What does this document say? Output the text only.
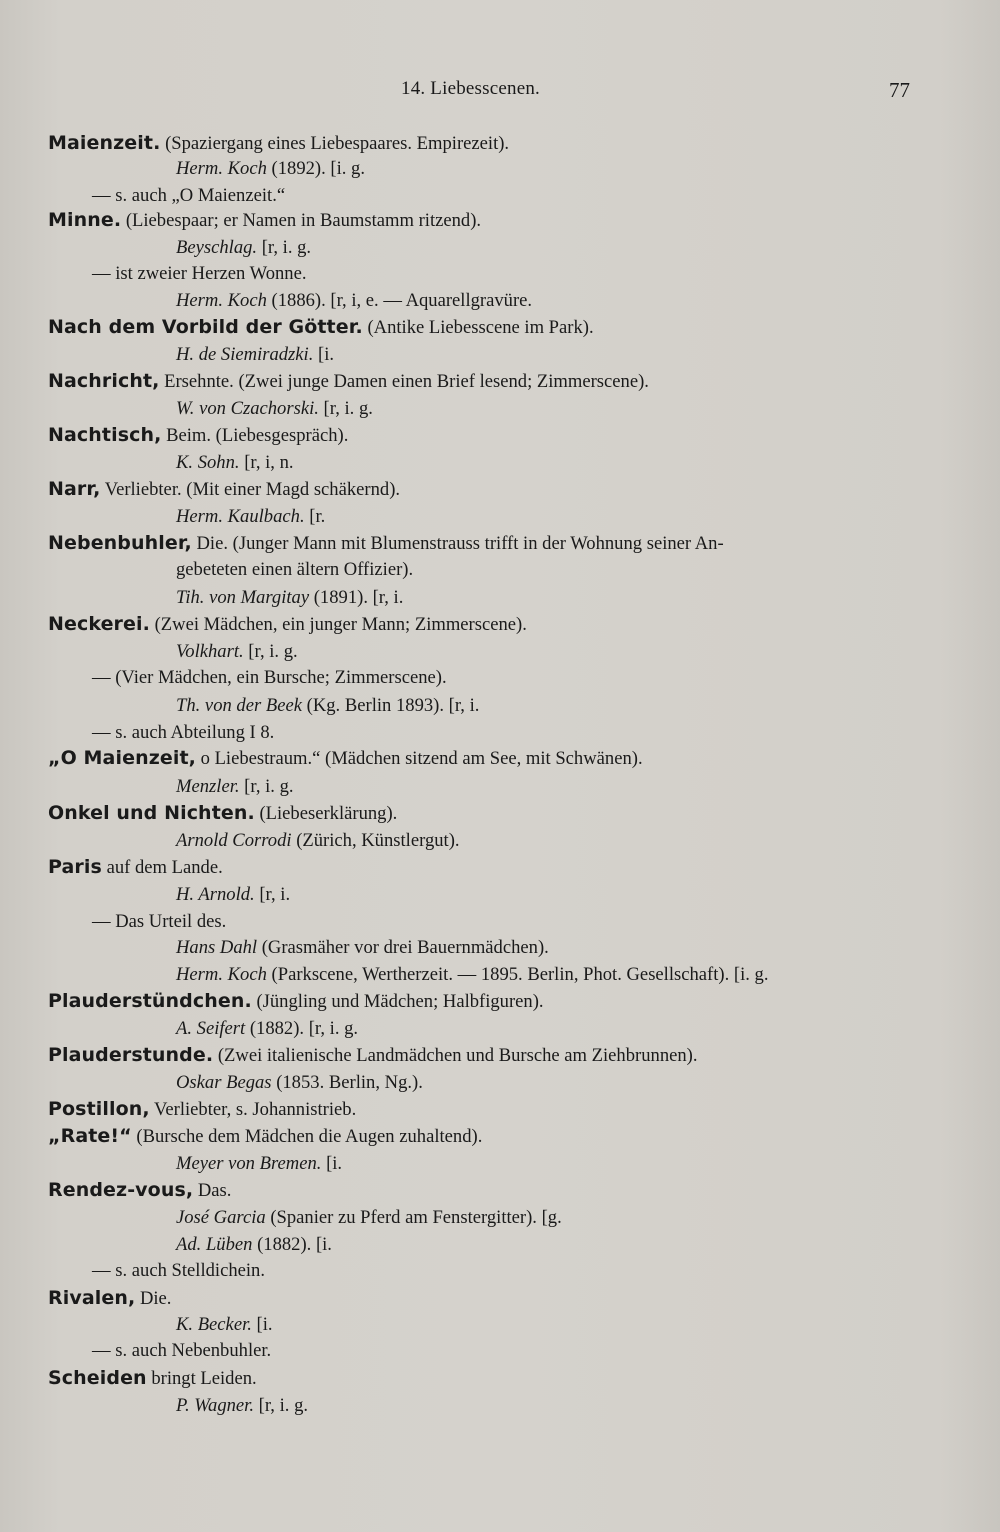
14. Liebesscenen.	77
Maienzeit. (Spaziergang eines Liebespaares. Empirezeit).
Herm. Koch (1892). [i. g.
— s. auch „O Maienzeit.“
Minne. (Liebespaar; er Namen in Baumstamm ritzend).
Beyschlag. [r, i. g.
— ist zweier Herzen Wonne.
Herm. Koch (1886). [r, i, e. — Aquarellgravüre.
Nach dem Vorbild der Götter. (Antike Liebesscene im Park).
H. de Siemiradzki. [i.
Nachricht, Ersehnte. (Zwei junge Damen einen Brief lesend; Zimmerscene).
W. von Czachorski. [r, i. g.
Nachtisch, Beim. (Liebesgespräch).
K. Sohn. [r, i, n.
Narr, Verliebter. (Mit einer Magd schäkernd).
Herm. Kaulbach. [r.
Nebenbuhler, Die. (Junger Mann mit Blumenstrauss trifft in der Wohnung seiner An-
gebeteten einen ältern Offizier).
Tih. von Margitay (1891). [r, i.
Neckerei. (Zwei Mädchen, ein junger Mann; Zimmerscene).
Volkhart. [r, i. g.
— (Vier Mädchen, ein Bursche; Zimmerscene).
Th. von der Beek (Kg. Berlin 1893). [r, i.
— s. auch Abteilung I 8.
„O Maienzeit, o Liebestraum.“ (Mädchen sitzend am See, mit Schwänen).
Menzler. [r, i. g.
Onkel und Nichten. (Liebeserklärung).
Arnold Corrodi (Zürich, Künstlergut).
Paris auf dem Lande.
H. Arnold. [r, i.
— Das Urteil des.
Hans Dahl (Grasmäher vor drei Bauernmädchen).
Herm. Koch (Parkscene, Wertherzeit. — 1895. Berlin, Phot. Gesellschaft). [i. g.
Plauderstündchen. (Jüngling und Mädchen; Halbfiguren).
A. Seifert (1882). [r, i. g.
Plauderstunde. (Zwei italienische Landmädchen und Bursche am Ziehbrunnen).
Oskar Begas (1853. Berlin, Ng.).
Postillon, Verliebter, s. Johannistrieb.
„Rate!“ (Bursche dem Mädchen die Augen zuhaltend).
Meyer von Bremen. [i.
Rendez-vous, Das.
José Garcia (Spanier zu Pferd am Fenstergitter). [g.
Ad. Lüben (1882). [i.
— s. auch Stelldichein.
Rivalen, Die.
K. Becker. [i.
— s. auch Nebenbuhler.
Scheiden bringt Leiden.
P. Wagner. [r, i. g.
